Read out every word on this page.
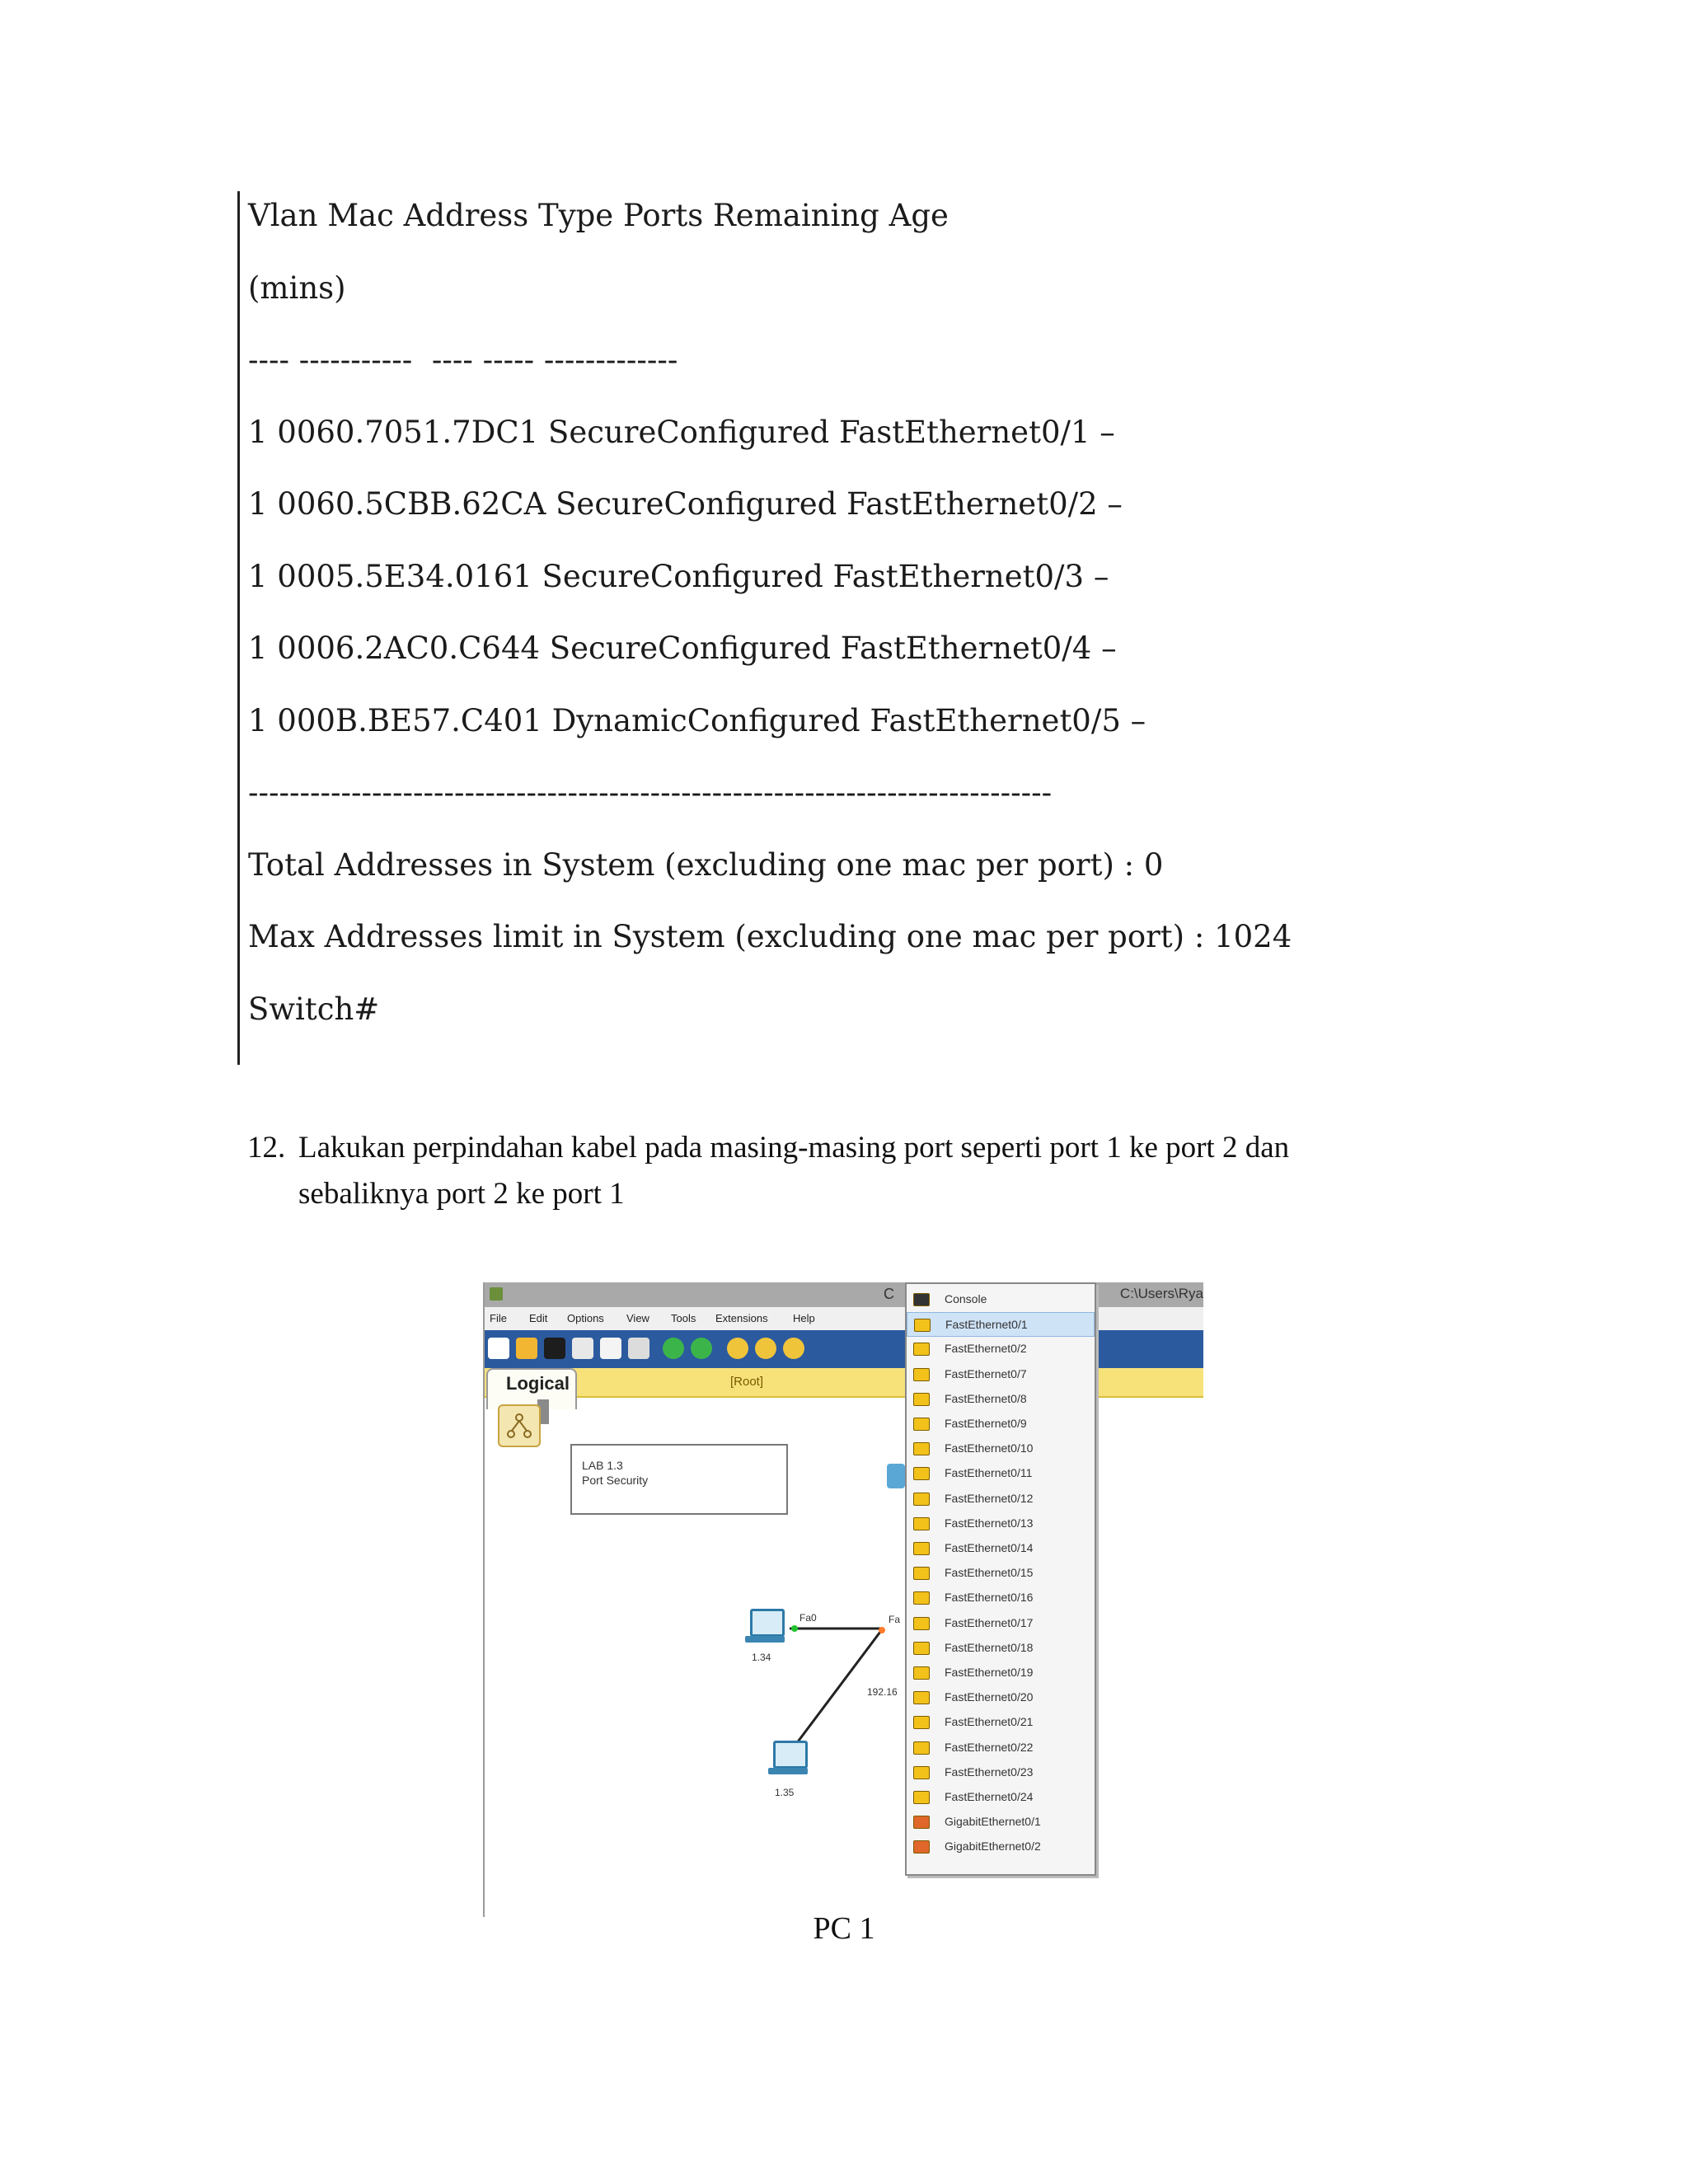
Vlan Mac Address Type Ports Remaining Age
(mins)
---- -----------  ---- ----- -------------
1 0060.7051.7DC1 SecureConfigured FastEthernet0/1 –
1 0060.5CBB.62CA SecureConfigured FastEthernet0/2 –
1 0005.5E34.0161 SecureConfigured FastEthernet0/3 –
1 0006.2AC0.C644 SecureConfigured FastEthernet0/4 –
1 000B.BE57.C401 DynamicConfigured FastEthernet0/5 –
------------------------------------------------------------------------------
Total Addresses in System (excluding one mac per port) : 0
Max Addresses limit in System (excluding one mac per port) : 1024
Switch#
12. Lakukan perpindahan kabel pada masing-masing port seperti port 1 ke port 2 dan sebaliknya port 2 ke port 1
C	C:\Users\Rya
File Edit Options View Tools Extensions Help
Logical	[Root]
LAB 1.3
Port Security
1.34
Fa0	Fa
192.16
1.35
Console
FastEthernet0/1
FastEthernet0/2
FastEthernet0/7
FastEthernet0/8
FastEthernet0/9
FastEthernet0/10
FastEthernet0/11
FastEthernet0/12
FastEthernet0/13
FastEthernet0/14
FastEthernet0/15
FastEthernet0/16
FastEthernet0/17
FastEthernet0/18
FastEthernet0/19
FastEthernet0/20
FastEthernet0/21
FastEthernet0/22
FastEthernet0/23
FastEthernet0/24
GigabitEthernet0/1
GigabitEthernet0/2
PC 1
